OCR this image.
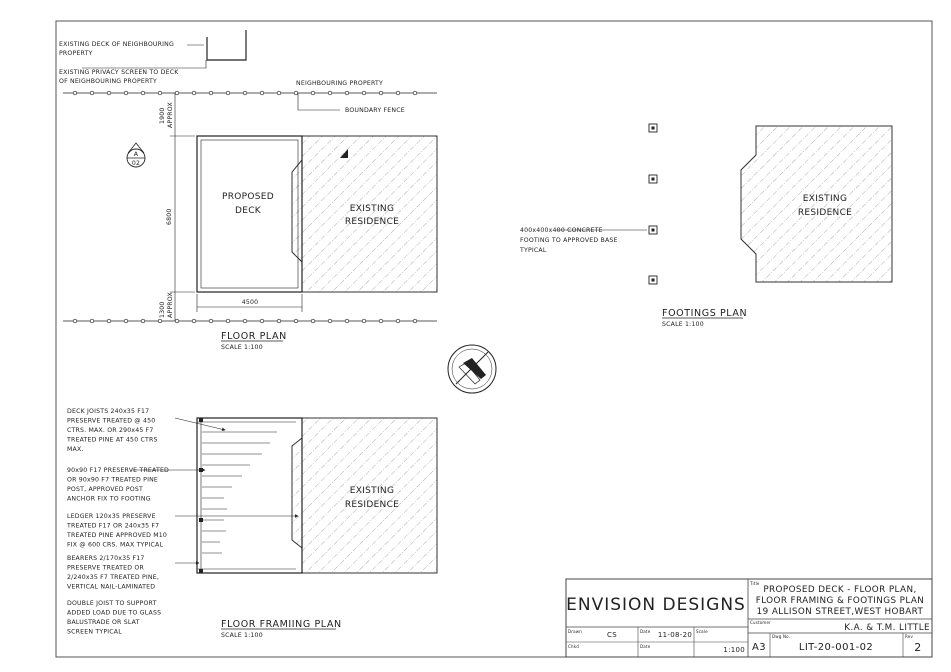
EXISTING DECK OF NEIGHBOURING
PROPERTY
EXISTING PRIVACY SCREEN TO DECK
OF NEIGHBOURING PROPERTY	NEIGHBOURING PROPERTY
BOUNDARY FENCE
PROPOSED
DECK	EXISTING
RESIDENCE
1900 APPROX
6800
1300 APPROX	4500
A
02
FLOOR PLAN
SCALE 1:100
400x400x400 CONCRETE
FOOTING TO APPROVED BASE
TYPICAL
EXISTING
RESIDENCE
FOOTINGS PLAN
SCALE 1:100
EXISTING
RESIDENCE
DECK JOISTS 240x35 F17
PRESERVE TREATED @ 450
CTRS. MAX. OR 290x45 F7
TREATED PINE AT 450 CTRS
MAX.
90x90 F17 PRESERVE TREATED
OR 90x90 F7 TREATED PINE
POST, APPROVED POST
ANCHOR FIX TO FOOTING
LEDGER 120x35 PRESERVE
TREATED F17 OR 240x35 F7
TREATED PINE APPROVED M10
FIX @ 600 CRS. MAX TYPICAL
BEARERS 2/170x35 F17
PRESERVE TREATED OR
2/240x35 F7 TREATED PINE,
VERTICAL NAIL-LAMINATED
DOUBLE JOIST TO SUPPORT
ADDED LOAD DUE TO GLASS
BALUSTRADE OR SLAT
SCREEN TYPICAL
FLOOR FRAMIING PLAN
SCALE 1:100
ENVISION DESIGNS
Title
PROPOSED DECK - FLOOR PLAN,
FLOOR FRAMING & FOOTINGS PLAN
19 ALLISON STREET,WEST HOBART
Customer
K.A. & T.M. LITTLE
Drawn	CS	Date 11-08-20 Scale
1:100
Chkd	Date	A3
Dwg No.
LIT-20-001-02
Rev
2
